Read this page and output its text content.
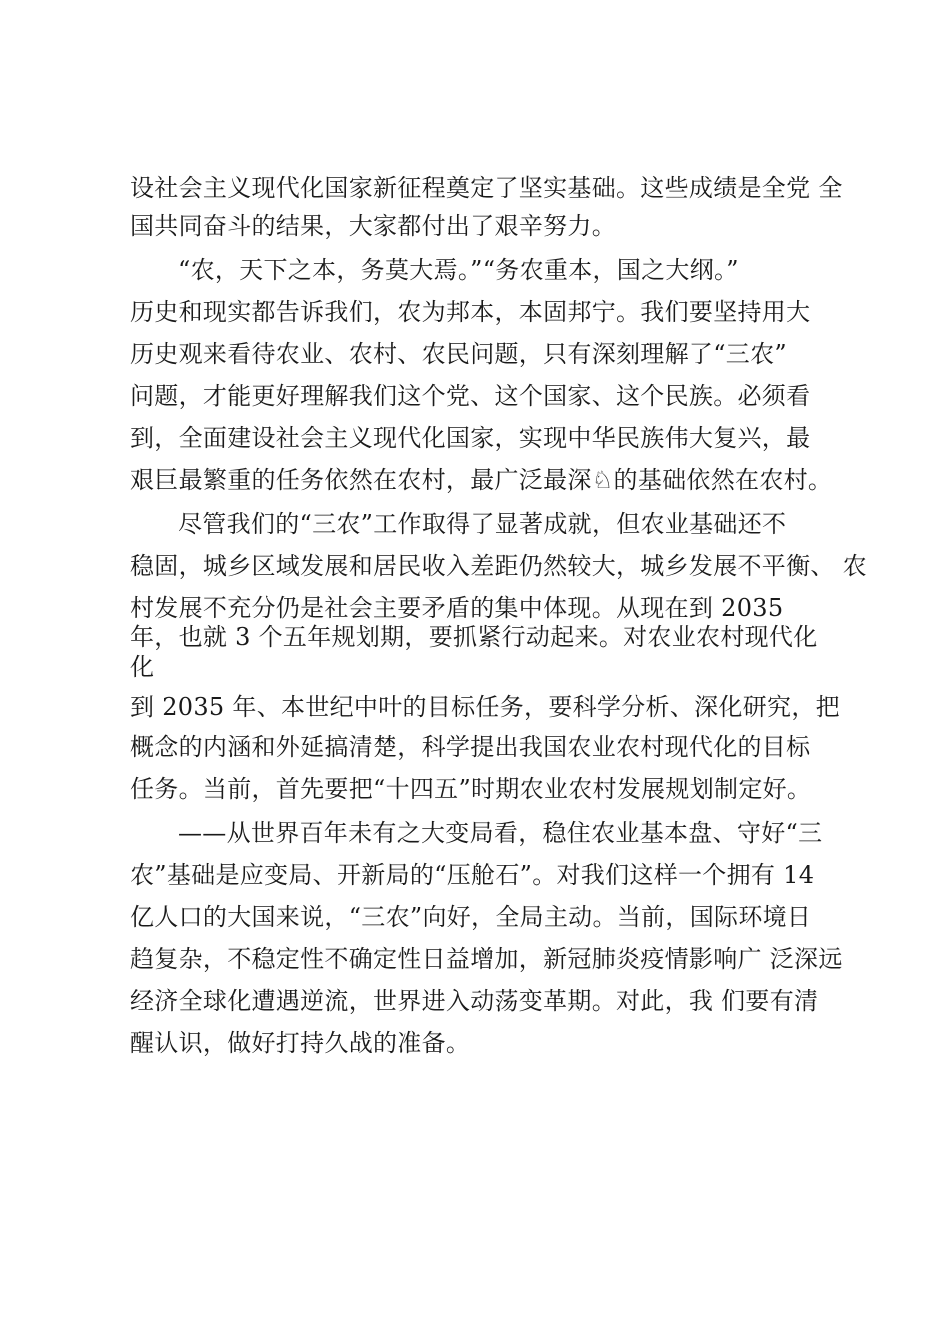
设社会主义现代化国家新征程奠定了坚实基础。这些成绩是全党 全
国共同奋斗的结果，大家都付出了艰辛努力。
“农，天下之本，务莫大焉。”“务农重本，国之大纲。”
历史和现实都告诉我们，农为邦本，本固邦宁。我们要坚持用大
历史观来看待农业、农村、农民问题，只有深刻理解了“三农”
问题，才能更好理解我们这个党、这个国家、这个民族。必须看
到，全面建设社会主义现代化国家，实现中华民族伟大复兴，最
艰巨最繁重的任务依然在农村，最广泛最深♘的基础依然在农村。
尽管我们的“三农”工作取得了显著成就，但农业基础还不
稳固，城乡区域发展和居民收入差距仍然较大，城乡发展不平衡、 农
村发展不充分仍是社会主要矛盾的集中体现。从现在到 2035
年，也就 3 个五年规划期，要抓紧行动起来。对农业农村现代化
化
到 2035 年、本世纪中叶的目标任务，要科学分析、深化研究，把
概念的内涵和外延搞清楚，科学提出我国农业农村现代化的目标
任务。当前，首先要把“十四五”时期农业农村发展规划制定好。
——从世界百年未有之大变局看，稳住农业基本盘、守好“三
农”基础是应变局、开新局的“压舱石”。对我们这样一个拥有 14
亿人口的大国来说，“三农”向好，全局主动。当前，国际环境日
趋复杂，不稳定性不确定性日益增加，新冠肺炎疫情影响广 泛深远
经济全球化遭遇逆流，世界进入动荡变革期。对此，我 们要有清
醒认识，做好打持久战的准备。
